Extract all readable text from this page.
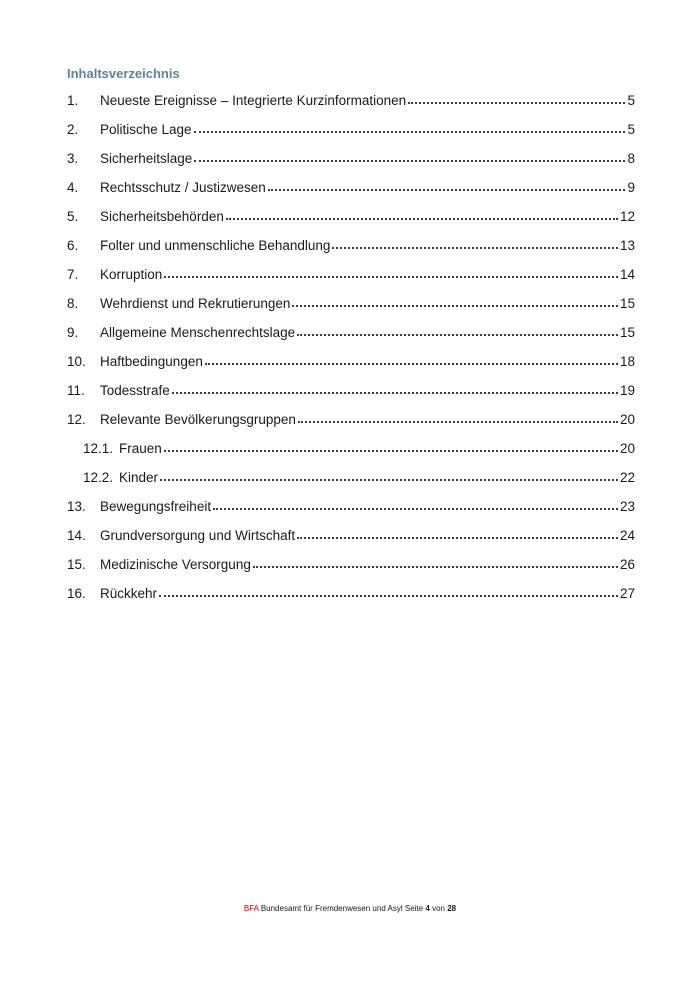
Inhaltsverzeichnis
1.	Neueste Ereignisse – Integrierte Kurzinformationen	5
2.	Politische Lage	5
3.	Sicherheitslage	8
4.	Rechtsschutz / Justizwesen	9
5.	Sicherheitsbehörden	12
6.	Folter und unmenschliche Behandlung	13
7.	Korruption	14
8.	Wehrdienst und Rekrutierungen	15
9.	Allgemeine Menschenrechtslage	15
10.	Haftbedingungen	18
11.	Todesstrafe	19
12.	Relevante Bevölkerungsgruppen	20
12.1. Frauen	20
12.2. Kinder	22
13.	Bewegungsfreiheit	23
14.	Grundversorgung und Wirtschaft	24
15.	Medizinische Versorgung	26
16.	Rückkehr	27
BFA Bundesamt für Fremdenwesen und Asyl Seite 4 von 28
